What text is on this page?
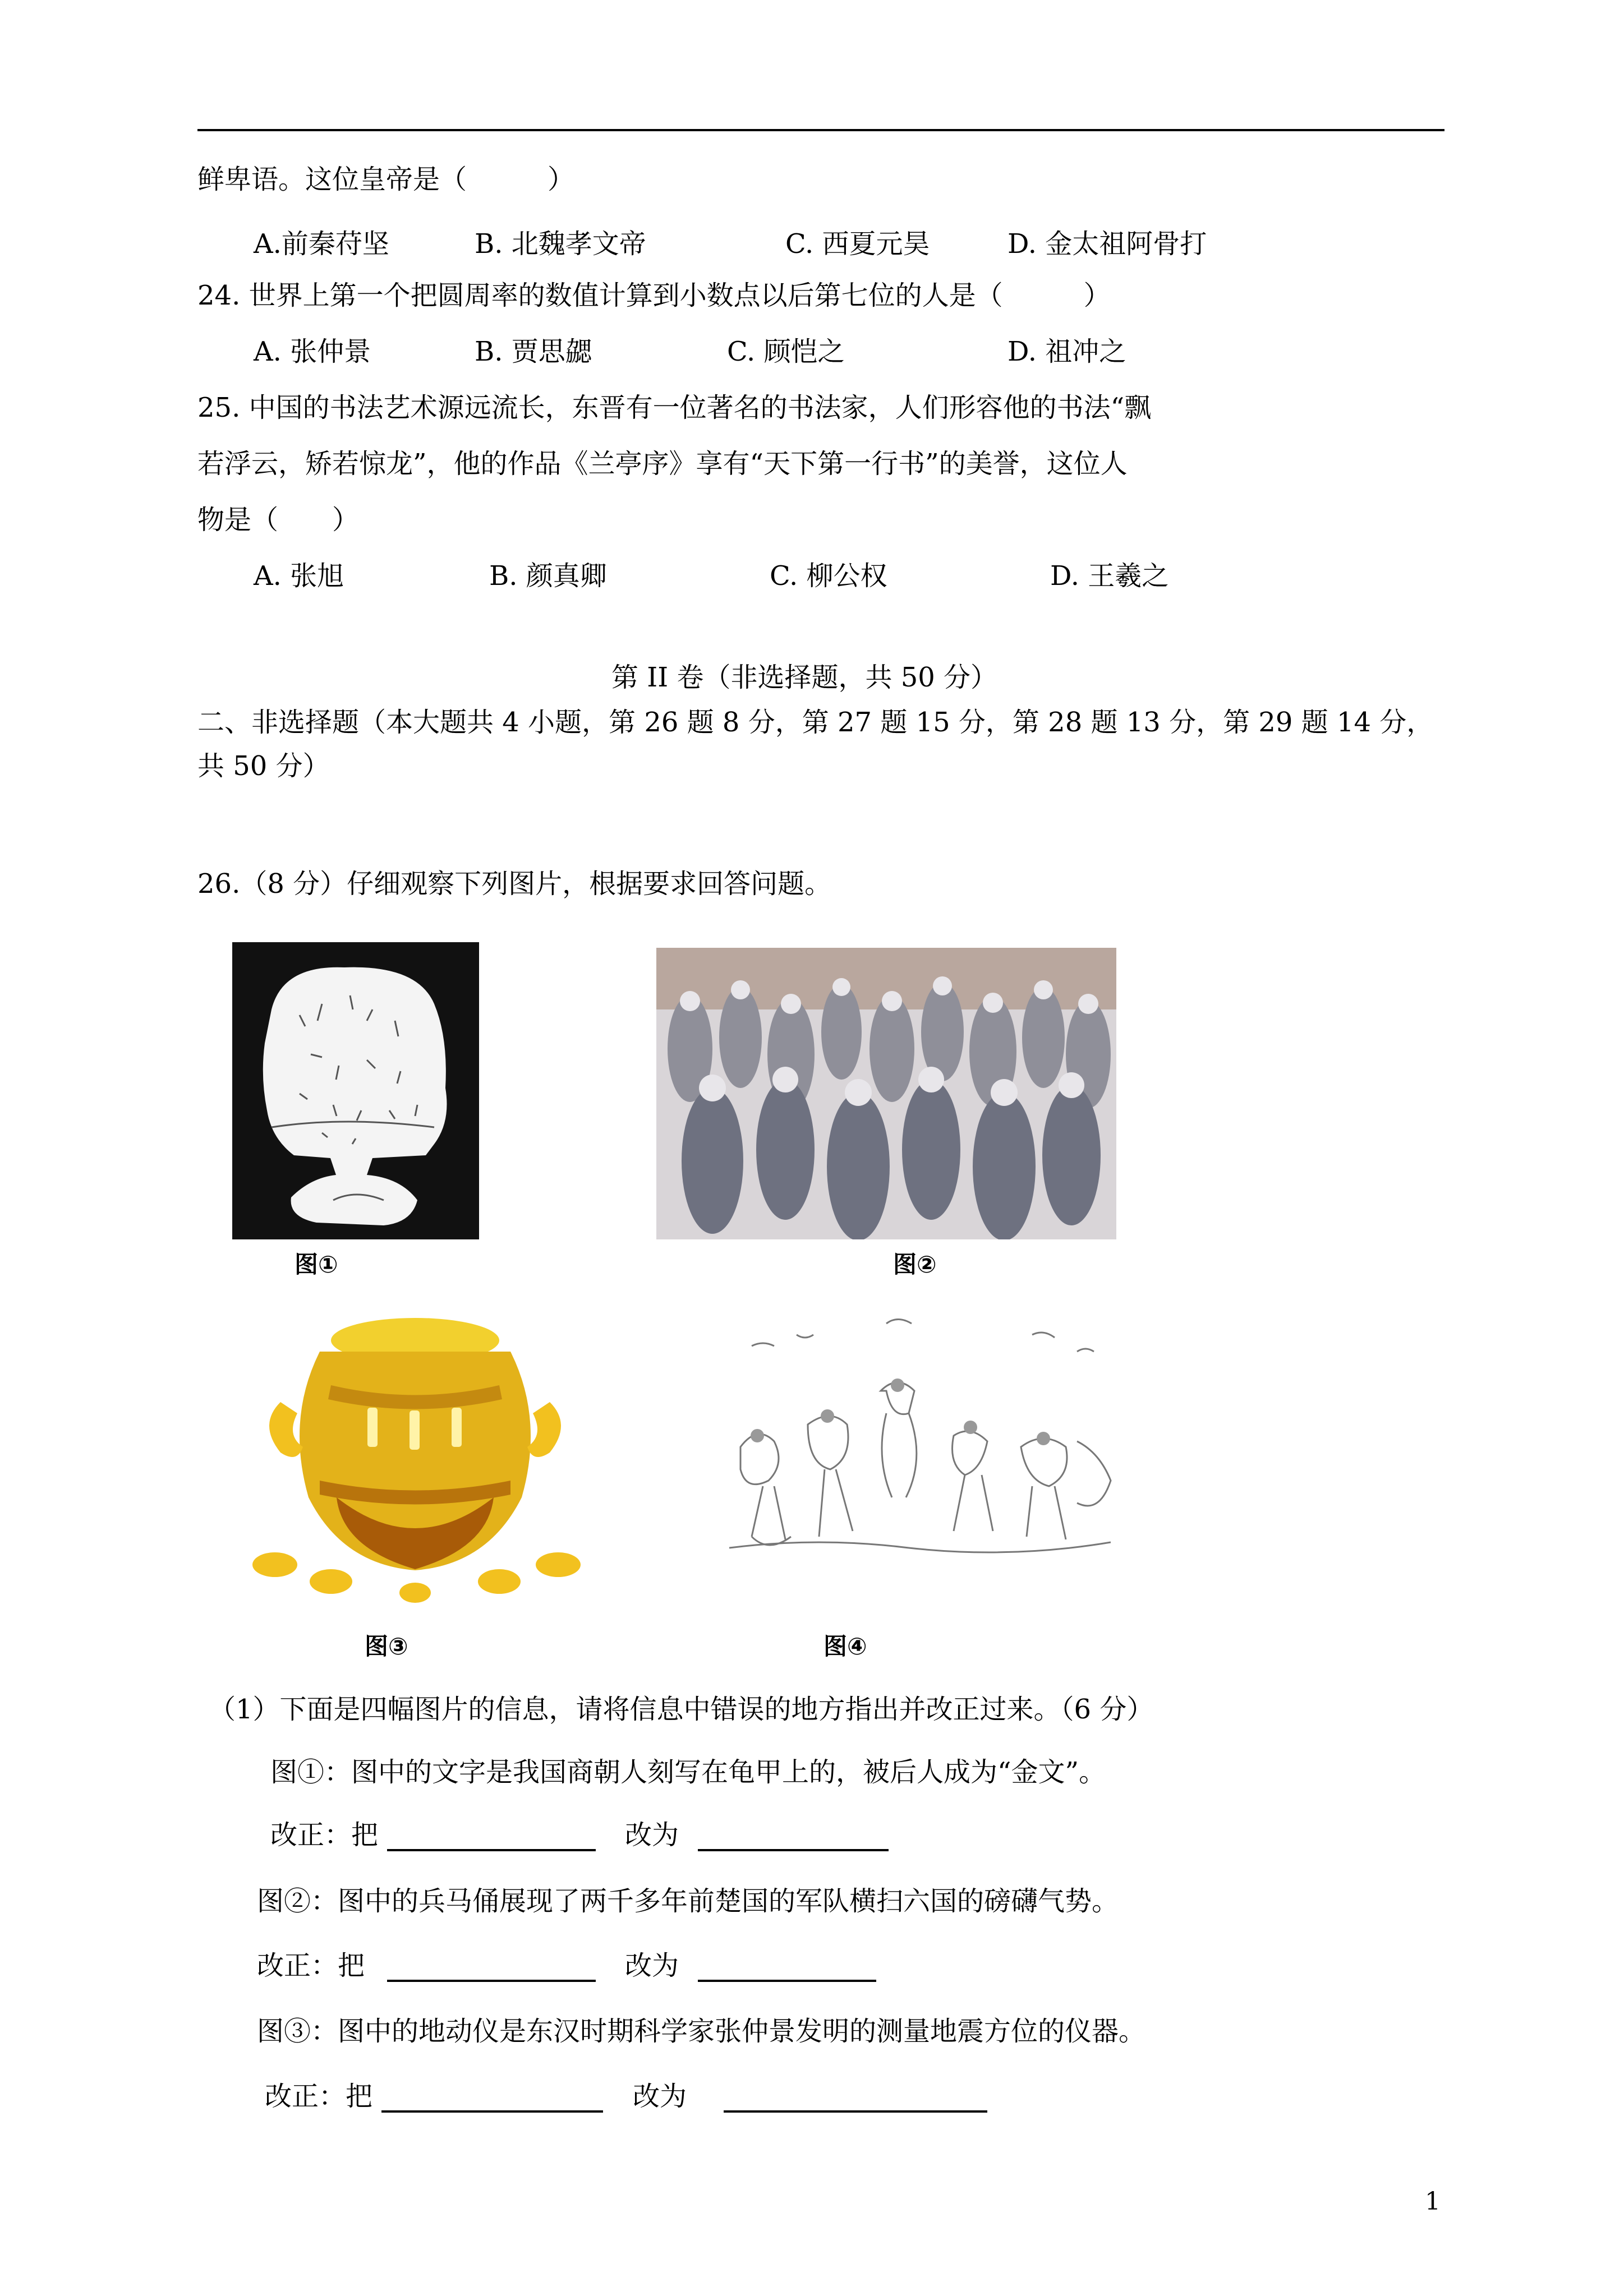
鲜卑语。这位皇帝是（　　　）
A.前秦苻坚	B. 北魏孝文帝	C. 西夏元昊	D. 金太祖阿骨打
24. 世界上第一个把圆周率的数值计算到小数点以后第七位的人是（　　　）
A. 张仲景	B. 贾思勰	C. 顾恺之	D. 祖冲之
25. 中国的书法艺术源远流长，东晋有一位著名的书法家，人们形容他的书法“飘
若浮云，矫若惊龙”，他的作品《兰亭序》享有“天下第一行书”的美誉，这位人
物是（　　）
A. 张旭	B. 颜真卿	C. 柳公权	D. 王羲之
第 II 卷（非选择题，共 50 分）
二、非选择题（本大题共 4 小题，第 26 题 8 分，第 27 题 15 分，第 28 题 13 分，第 29 题 14 分，
共 50 分）
26.（8 分）仔细观察下列图片，根据要求回答问题。
图①	图②
图③	图④
（1）下面是四幅图片的信息，请将信息中错误的地方指出并改正过来。（6 分）
图①：图中的文字是我国商朝人刻写在龟甲上的，被后人成为“金文”。
改正：把	改为
图②：图中的兵马俑展现了两千多年前楚国的军队横扫六国的磅礴气势。
改正：把	改为
图③：图中的地动仪是东汉时期科学家张仲景发明的测量地震方位的仪器。
改正：把	改为
1
